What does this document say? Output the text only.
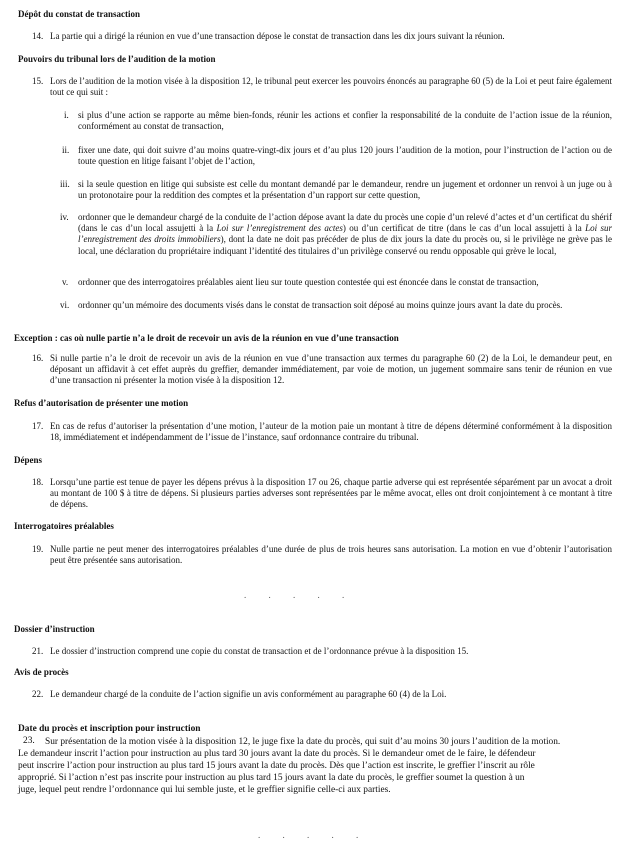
Dépôt du constat de transaction
14. La partie qui a dirigé la réunion en vue d’une transaction dépose le constat de transaction dans les dix jours suivant la réunion.
Pouvoirs du tribunal lors de l’audition de la motion
15. Lors de l’audition de la motion visée à la disposition 12, le tribunal peut exercer les pouvoirs énoncés au paragraphe 60 (5) de la Loi et peut faire également tout ce qui suit :
i. si plus d’une action se rapporte au même bien-fonds, réunir les actions et confier la responsabilité de la conduite de l’action issue de la réunion, conformément au constat de transaction,
ii. fixer une date, qui doit suivre d’au moins quatre-vingt-dix jours et d’au plus 120 jours l’audition de la motion, pour l’instruction de l’action ou de toute question en litige faisant l’objet de l’action,
iii. si la seule question en litige qui subsiste est celle du montant demandé par le demandeur, rendre un jugement et ordonner un renvoi à un juge ou à un protonotaire pour la reddition des comptes et la présentation d’un rapport sur cette question,
iv. ordonner que le demandeur chargé de la conduite de l’action dépose avant la date du procès une copie d’un relevé d’actes et d’un certificat du shérif (dans le cas d’un local assujetti à la Loi sur l’enregistrement des actes) ou d’un certificat de titre (dans le cas d’un local assujetti à la Loi sur l’enregistrement des droits immobiliers), dont la date ne doit pas précéder de plus de dix jours la date du procès ou, si le privilège ne grève pas le local, une déclaration du propriétaire indiquant l’identité des titulaires d’un privilège conservé ou rendu opposable qui grève le local,
v. ordonner que des interrogatoires préalables aient lieu sur toute question contestée qui est énoncée dans le constat de transaction,
vi. ordonner qu’un mémoire des documents visés dans le constat de transaction soit déposé au moins quinze jours avant la date du procès.
Exception : cas où nulle partie n’a le droit de recevoir un avis de la réunion en vue d’une transaction
16. Si nulle partie n’a le droit de recevoir un avis de la réunion en vue d’une transaction aux termes du paragraphe 60 (2) de la Loi, le demandeur peut, en déposant un affidavit à cet effet auprès du greffier, demander immédiatement, par voie de motion, un jugement sommaire sans tenir de réunion en vue d’une transaction ni présenter la motion visée à la disposition 12.
Refus d’autorisation de présenter une motion
17. En cas de refus d’autoriser la présentation d’une motion, l’auteur de la motion paie un montant à titre de dépens déterminé conformément à la disposition 18, immédiatement et indépendamment de l’issue de l’instance, sauf ordonnance contraire du tribunal.
Dépens
18. Lorsqu’une partie est tenue de payer les dépens prévus à la disposition 17 ou 26, chaque partie adverse qui est représentée séparément par un avocat a droit au montant de 100 $ à titre de dépens. Si plusieurs parties adverses sont représentées par le même avocat, elles ont droit conjointement à ce montant à titre de dépens.
Interrogatoires préalables
19. Nulle partie ne peut mener des interrogatoires préalables d’une durée de plus de trois heures sans autorisation. La motion en vue d’obtenir l’autorisation peut être présentée sans autorisation.
. . . . .
Dossier d’instruction
21. Le dossier d’instruction comprend une copie du constat de transaction et de l’ordonnance prévue à la disposition 15.
Avis de procès
22. Le demandeur chargé de la conduite de l’action signifie un avis conformément au paragraphe 60 (4) de la Loi.
Date du procès et inscription pour instruction
23.	Sur présentation de la motion visée à la disposition 12, le juge fixe la date du procès, qui suit d’au moins 30 jours l’audition de la motion.
Le demandeur inscrit l’action pour instruction au plus tard 30 jours avant la date du procès. Si le demandeur omet de le faire, le défendeur
peut inscrire l’action pour instruction au plus tard 15 jours avant la date du procès. Dès que l’action est inscrite, le greffier l’inscrit au rôle
approprié. Si l’action n’est pas inscrite pour instruction au plus tard 15 jours avant la date du procès, le greffier soumet la question à un
juge, lequel peut rendre l’ordonnance qui lui semble juste, et le greffier signifie celle-ci aux parties.
. . . . .
